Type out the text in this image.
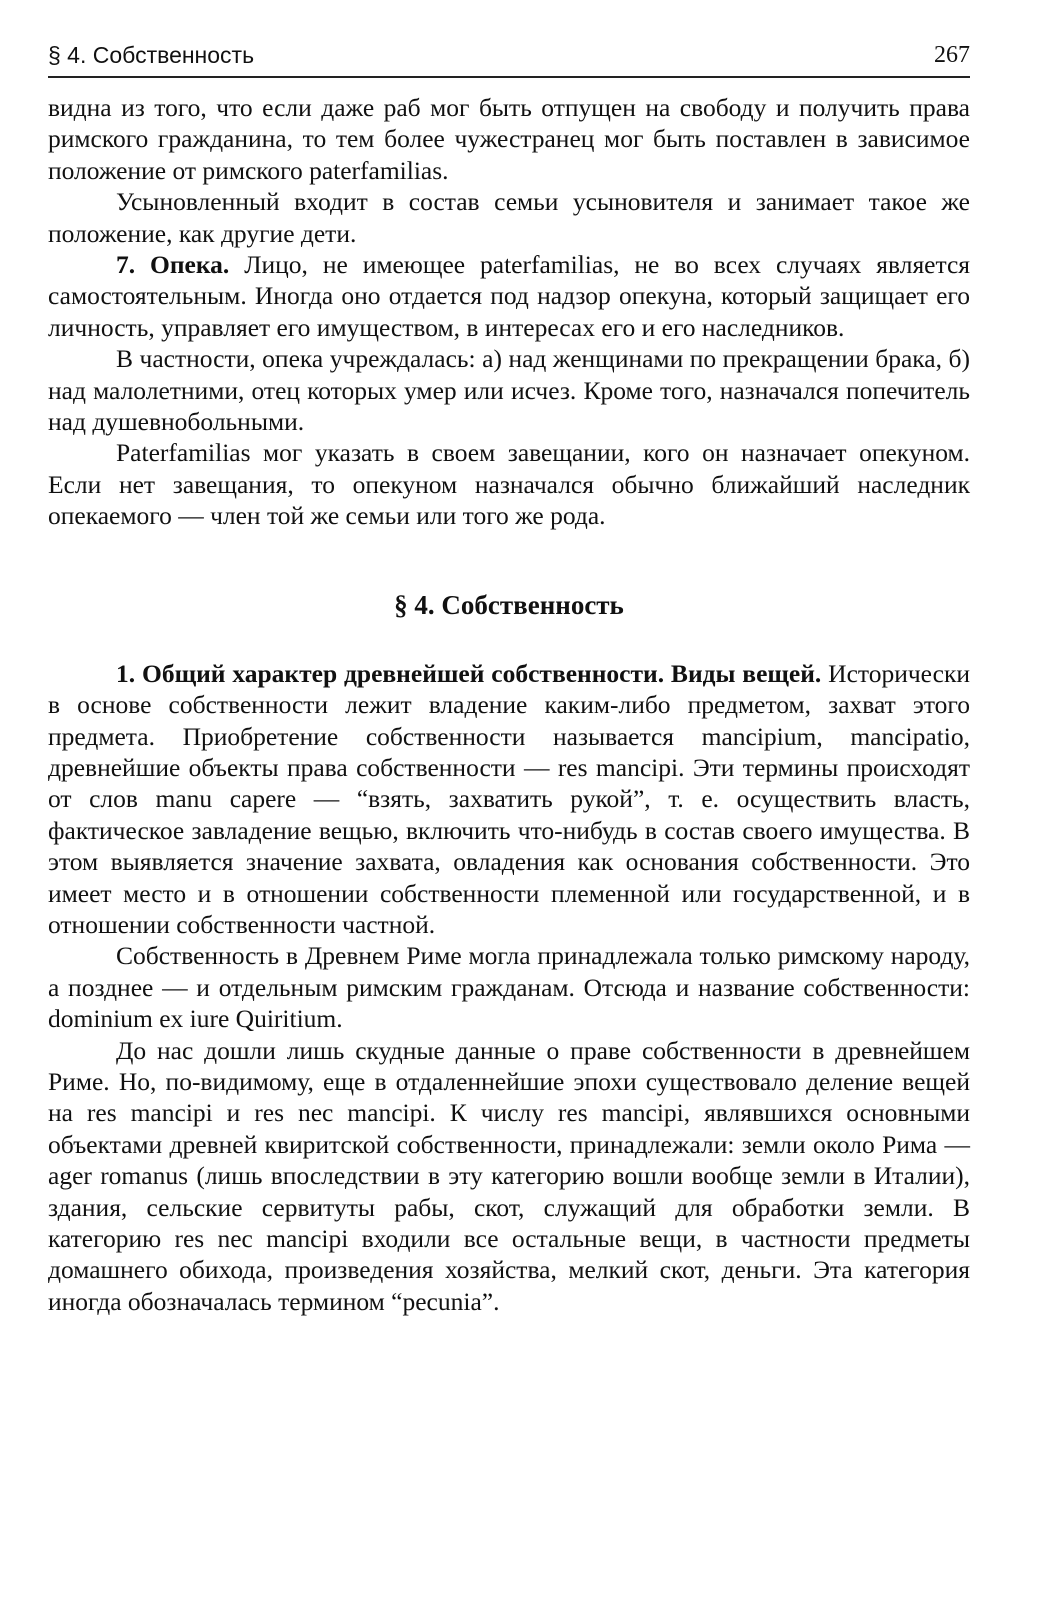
§ 4. Собственность	267

видна из того, что если даже раб мог быть отпущен на свободу и получить права римского гражданина, то тем более чужестранец мог быть поставлен в зависимое положение от римского paterfamilias.

Усыновленный входит в состав семьи усыновителя и занимает такое же положение, как другие дети.

7. Опека. Лицо, не имеющее paterfamilias, не во всех случаях является самостоятельным. Иногда оно отдается под надзор опекуна, который защищает его личность, управляет его имуществом, в интересах его и его наследников.

В частности, опека учреждалась: а) над женщинами по прекращении брака, б) над малолетними, отец которых умер или исчез. Кроме того, назначался попечитель над душевнобольными.

Paterfamilias мог указать в своем завещании, кого он назначает опекуном. Если нет завещания, то опекуном назначался обычно ближайший наследник опекаемого — член той же семьи или того же рода.

§ 4. Собственность

1. Общий характер древнейшей собственности. Виды вещей. Исторически в основе собственности лежит владение каким-либо предметом, захват этого предмета. Приобретение собственности называется mancipium, mancipatio, древнейшие объекты права собственности — res mancipi. Эти термины происходят от слов manu capere — “взять, захватить рукой”, т. е. осуществить власть, фактическое завладение вещью, включить что-нибудь в состав своего имущества. В этом выявляется значение захвата, овладения как основания собственности. Это имеет место и в отношении собственности племенной или государственной, и в отношении собственности частной.

Собственность в Древнем Риме могла принадлежала только римскому народу, а позднее — и отдельным римским гражданам. Отсюда и название собственности: dominium ex iure Quiritium.

До нас дошли лишь скудные данные о праве собственности в древнейшем Риме. Но, по-видимому, еще в отдаленнейшие эпохи существовало деление вещей на res mancipi и res nec mancipi. К числу res mancipi, являвшихся основными объектами древней квиритской собственности, принадлежали: земли около Рима — ager romanus (лишь впоследствии в эту категорию вошли вообще земли в Италии), здания, сельские сервитуты рабы, скот, служащий для обработки земли. В категорию res nec mancipi входили все остальные вещи, в частности предметы домашнего обихода, произведения хозяйства, мелкий скот, деньги. Эта категория иногда обозначалась термином “pecunia”.
